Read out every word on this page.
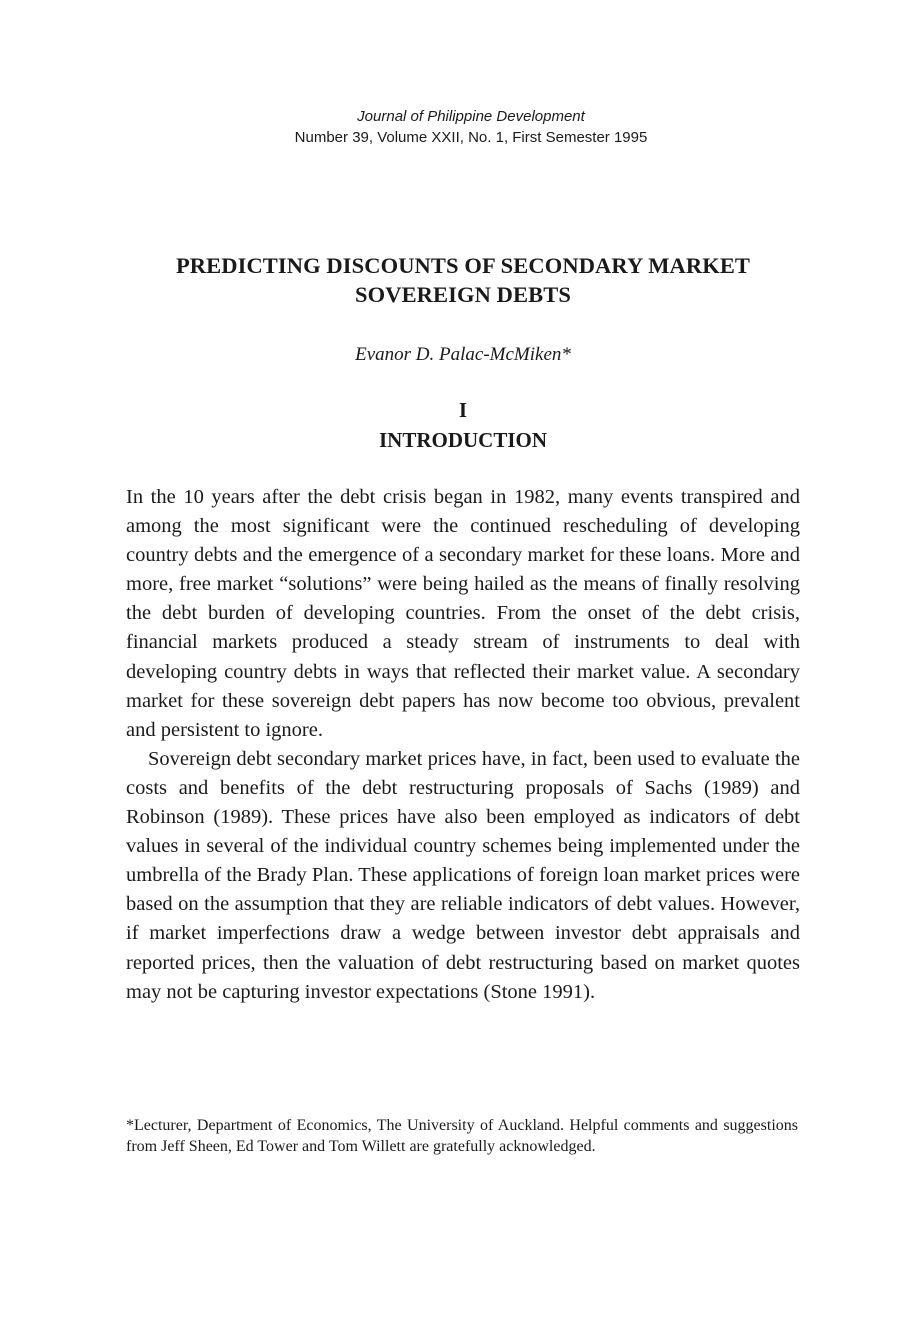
Journal of Philippine Development
Number 39, Volume XXII, No. 1, First Semester 1995
PREDICTING DISCOUNTS OF SECONDARY MARKET
SOVEREIGN DEBTS
Evanor D. Palac-McMiken*
I
INTRODUCTION

In the 10 years after the debt crisis began in 1982, many events transpired and among the most significant were the continued rescheduling of developing country debts and the emergence of a secondary market for these loans. More and more, free market “solutions” were being hailed as the means of finally resolving the debt burden of developing countries. From the onset of the debt crisis, financial markets produced a steady stream of instruments to deal with developing country debts in ways that reflected their market value. A secondary market for these sovereign debt papers has now become too obvious, prevalent and persistent to ignore.

Sovereign debt secondary market prices have, in fact, been used to evaluate the costs and benefits of the debt restructuring proposals of Sachs (1989) and Robinson (1989). These prices have also been employed as indicators of debt values in several of the individual country schemes being implemented under the umbrella of the Brady Plan. These applications of foreign loan market prices were based on the assumption that they are reliable indicators of debt values. However, if market imperfections draw a wedge between investor debt appraisals and reported prices, then the valuation of debt restructuring based on market quotes may not be capturing investor expectations (Stone 1991).

*Lecturer, Department of Economics, The University of Auckland. Helpful comments and suggestions from Jeff Sheen, Ed Tower and Tom Willett are gratefully acknowledged.
